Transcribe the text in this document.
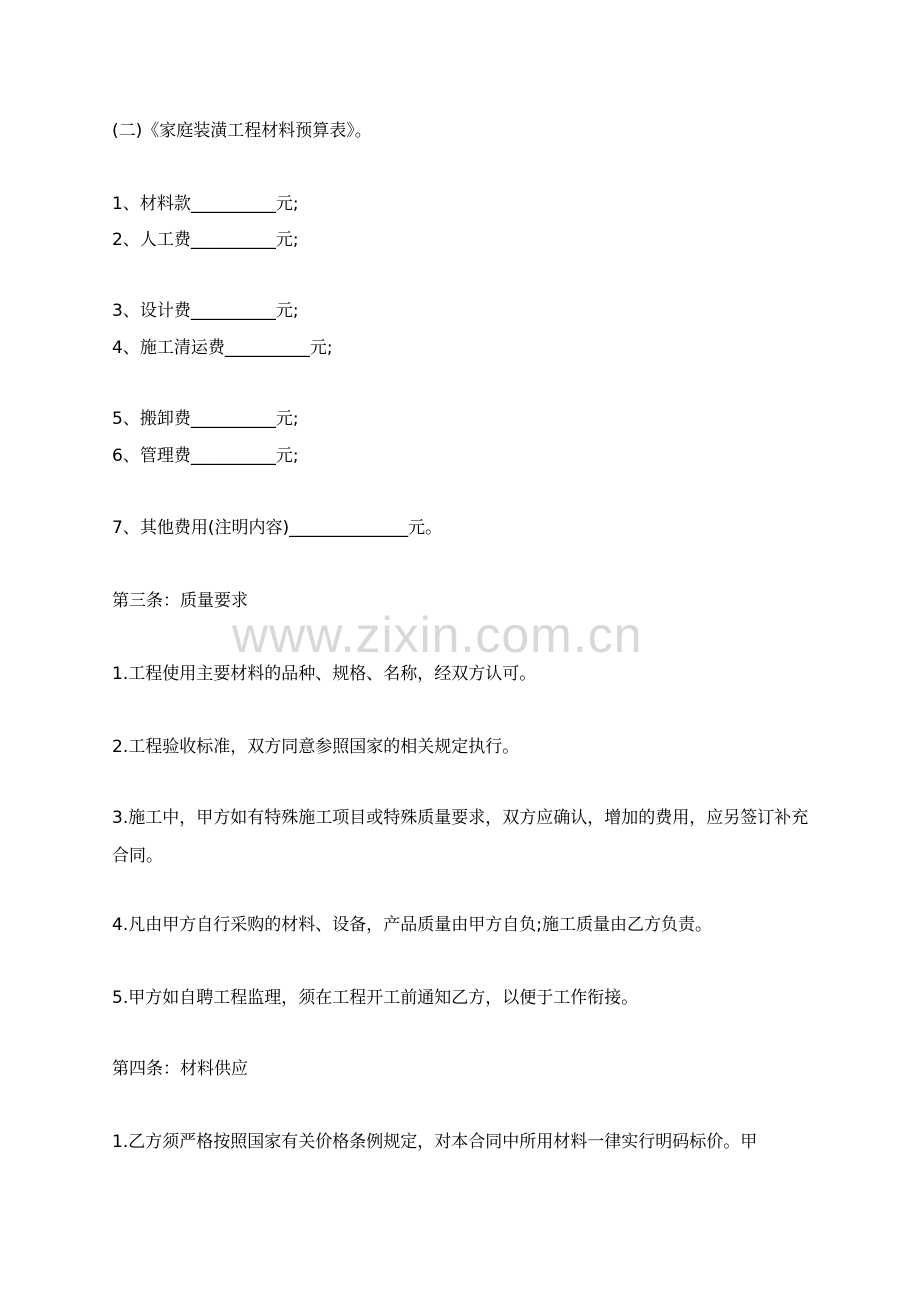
www.zixin.com.cn

(二)《家庭装潢工程材料预算表》。

1、材料款__________元;

2、人工费__________元;

3、设计费__________元;

4、施工清运费__________元;

5、搬卸费__________元;

6、管理费__________元;

7、其他费用(注明内容)______________元。

第三条：质量要求

1.工程使用主要材料的品种、规格、名称，经双方认可。

2.工程验收标准，双方同意参照国家的相关规定执行。

3.施工中，甲方如有特殊施工项目或特殊质量要求，双方应确认，增加的费用，应另签订补充合同。

4.凡由甲方自行采购的材料、设备，产品质量由甲方自负;施工质量由乙方负责。

5.甲方如自聘工程监理，须在工程开工前通知乙方，以便于工作衔接。

第四条：材料供应

1.乙方须严格按照国家有关价格条例规定，对本合同中所用材料一律实行明码标价。甲
